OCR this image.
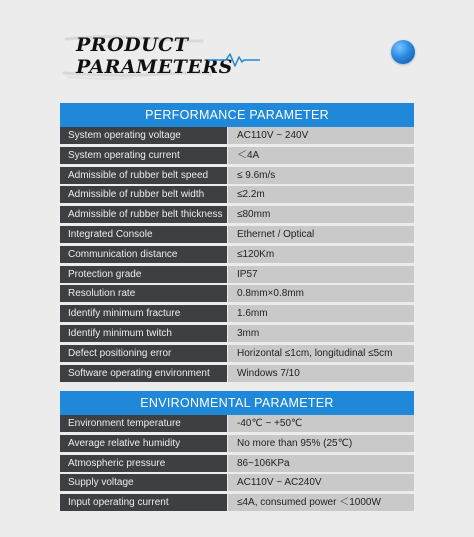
PRODUCT
PARAMETERS
PERFORMANCE PARAMETER
System operating voltage	AC110V ~ 240V
System operating current	＜4A
Admissible of rubber belt speed	≤ 9.6m/s
Admissible of rubber belt width	≤2.2m
Admissible of rubber belt thickness	≤80mm
Integrated Console	Ethernet / Optical
Communication distance	≤120Km
Protection grade	IP57
Resolution rate	0.8mm×0.8mm
Identify minimum fracture	1.6mm
Identify minimum twitch	3mm
Defect positioning error	Horizontal ≤1cm, longitudinal ≤5cm
Software operating environment	Windows 7/10
ENVIRONMENTAL PARAMETER
Environment temperature	-40℃ ~ +50℃
Average relative humidity	No more than 95% (25℃)
Atmospheric pressure	86~106KPa
Supply voltage	AC110V ~ AC240V
Input operating current	≤4A, consumed power ＜1000W
